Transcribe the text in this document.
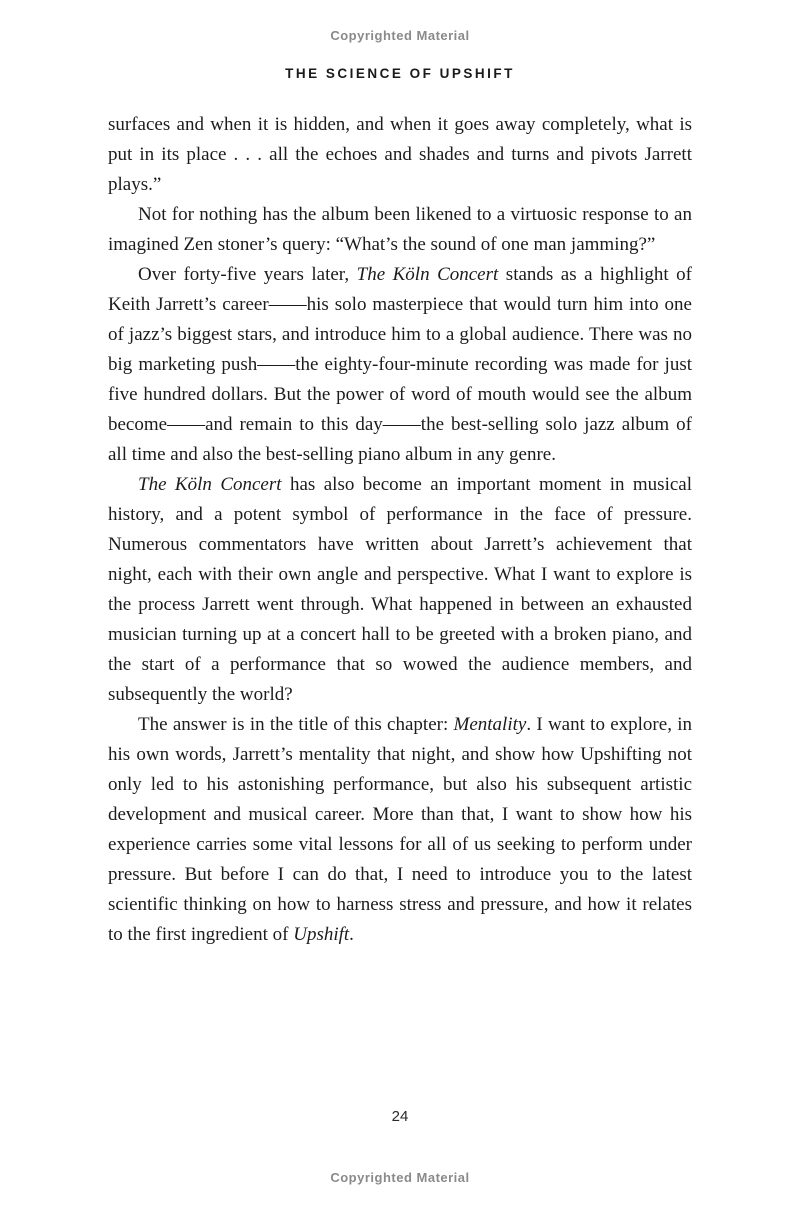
Copyrighted Material
THE SCIENCE OF UPSHIFT

surfaces and when it is hidden, and when it goes away completely, what is put in its place . . . all the echoes and shades and turns and pivots Jarrett plays.”

Not for nothing has the album been likened to a virtuosic response to an imagined Zen stoner’s query: “What’s the sound of one man jamming?”

Over forty-five years later, The Köln Concert stands as a highlight of Keith Jarrett’s career——his solo masterpiece that would turn him into one of jazz’s biggest stars, and introduce him to a global audience. There was no big marketing push——the eighty-four-minute recording was made for just five hundred dollars. But the power of word of mouth would see the album become——and remain to this day——the best-selling solo jazz album of all time and also the best-selling piano album in any genre.

The Köln Concert has also become an important moment in musical history, and a potent symbol of performance in the face of pressure. Numerous commentators have written about Jarrett’s achievement that night, each with their own angle and perspective. What I want to explore is the process Jarrett went through. What happened in between an exhausted musician turning up at a concert hall to be greeted with a broken piano, and the start of a performance that so wowed the audience members, and subsequently the world?

The answer is in the title of this chapter: Mentality. I want to explore, in his own words, Jarrett’s mentality that night, and show how Upshifting not only led to his astonishing performance, but also his subsequent artistic development and musical career. More than that, I want to show how his experience carries some vital lessons for all of us seeking to perform under pressure. But before I can do that, I need to introduce you to the latest scientific thinking on how to harness stress and pressure, and how it relates to the first ingredient of Upshift.

24
Copyrighted Material
